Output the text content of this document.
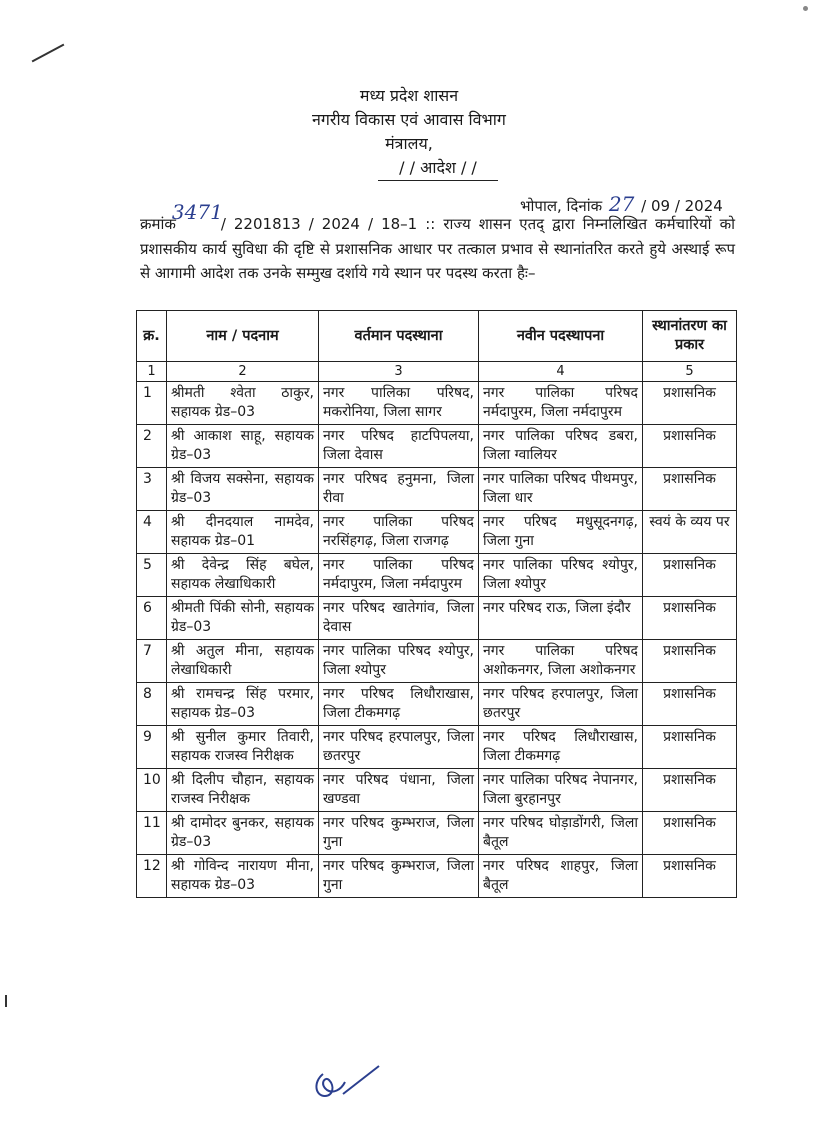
मध्य प्रदेश शासन
नगरीय विकास एवं आवास विभाग
मंत्रालय,
/ / आदेश / /
भोपाल, दिनांक 27 / 09 / 2024
क्रमांक3471/ 2201813 / 2024 / 18–1 :: राज्य शासन एतद् द्वारा निम्नलिखित कर्मचारियों को प्रशासकीय कार्य सुविधा की दृष्टि से प्रशासनिक आधार पर तत्काल प्रभाव से स्थानांतरित करते हुये अस्थाई रूप से आगामी आदेश तक उनके सम्मुख दर्शाये गये स्थान पर पदस्थ करता हैः–
क्र.	नाम / पदनाम	वर्तमान पदस्थाना	नवीन पदस्थापना	स्थानांतरण का प्रकार
1	2	3	4	5
1	श्रीमती श्वेता ठाकुर, सहायक ग्रेड–03	नगर पालिका परिषद, मकरोनिया, जिला सागर	नगर पालिका परिषद नर्मदापुरम, जिला नर्मदापुरम	प्रशासनिक
2	श्री आकाश साहू, सहायक ग्रेड–03	नगर परिषद हाटपिपलया, जिला देवास	नगर पालिका परिषद डबरा, जिला ग्वालियर	प्रशासनिक
3	श्री विजय सक्सेना, सहायक ग्रेड–03	नगर परिषद हनुमना, जिला रीवा	नगर पालिका परिषद पीथमपुर, जिला धार	प्रशासनिक
4	श्री दीनदयाल नामदेव, सहायक ग्रेड–01	नगर पालिका परिषद नरसिंहगढ़, जिला राजगढ़	नगर परिषद मधुसूदनगढ़, जिला गुना	स्वयं के व्यय पर
5	श्री देवेन्द्र सिंह बघेल, सहायक लेखाधिकारी	नगर पालिका परिषद नर्मदापुरम, जिला नर्मदापुरम	नगर पालिका परिषद श्योपुर, जिला श्योपुर	प्रशासनिक
6	श्रीमती पिंकी सोनी, सहायक ग्रेड–03	नगर परिषद खातेगांव, जिला देवास	नगर परिषद राऊ, जिला इंदौर	प्रशासनिक
7	श्री अतुल मीना, सहायक लेखाधिकारी	नगर पालिका परिषद श्योपुर, जिला श्योपुर	नगर पालिका परिषद अशोकनगर, जिला अशोकनगर	प्रशासनिक
8	श्री रामचन्द्र सिंह परमार, सहायक ग्रेड–03	नगर परिषद लिधौराखास, जिला टीकमगढ़	नगर परिषद हरपालपुर, जिला छतरपुर	प्रशासनिक
9	श्री सुनील कुमार तिवारी, सहायक राजस्व निरीक्षक	नगर परिषद हरपालपुर, जिला छतरपुर	नगर परिषद लिधौराखास, जिला टीकमगढ़	प्रशासनिक
10	श्री दिलीप चौहान, सहायक राजस्व निरीक्षक	नगर परिषद पंधाना, जिला खण्डवा	नगर पालिका परिषद नेपानगर, जिला बुरहानपुर	प्रशासनिक
11	श्री दामोदर बुनकर, सहायक ग्रेड–03	नगर परिषद कुम्भराज, जिला गुना	नगर परिषद घोड़ाडोंगरी, जिला बैतूल	प्रशासनिक
12	श्री गोविन्द नारायण मीना, सहायक ग्रेड–03	नगर परिषद कुम्भराज, जिला गुना	नगर परिषद शाहपुर, जिला बैतूल	प्रशासनिक
